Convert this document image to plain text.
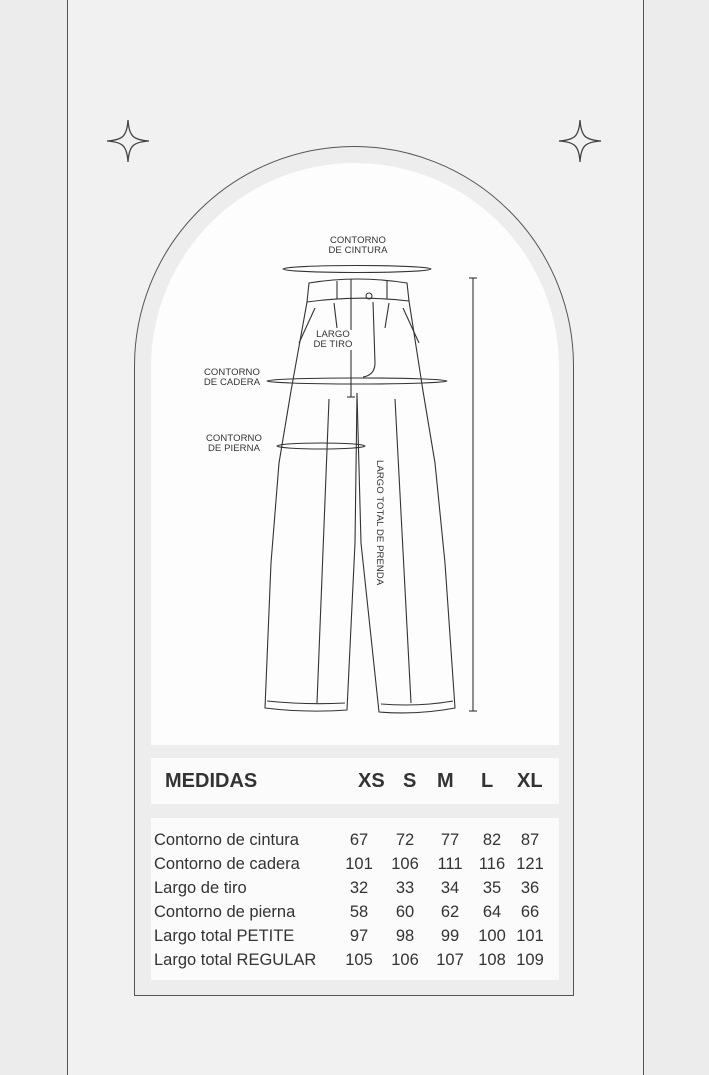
CONTORNO
DE CINTURA
LARGO
DE TIRO
CONTORNO
DE CADERA
CONTORNO
DE PIERNA
LARGO TOTAL DE PRENDA
MEDIDAS	XS S M L XL
Contorno de cintura	67	72	77	82	87
Contorno de cadera	101 106 111 116 121
Largo de tiro	32	33	34	35	36
Contorno de pierna	58	60	62	64	66
Largo total PETITE	97	98	99	100 101
Largo total REGULAR 105 106 107 108 109
